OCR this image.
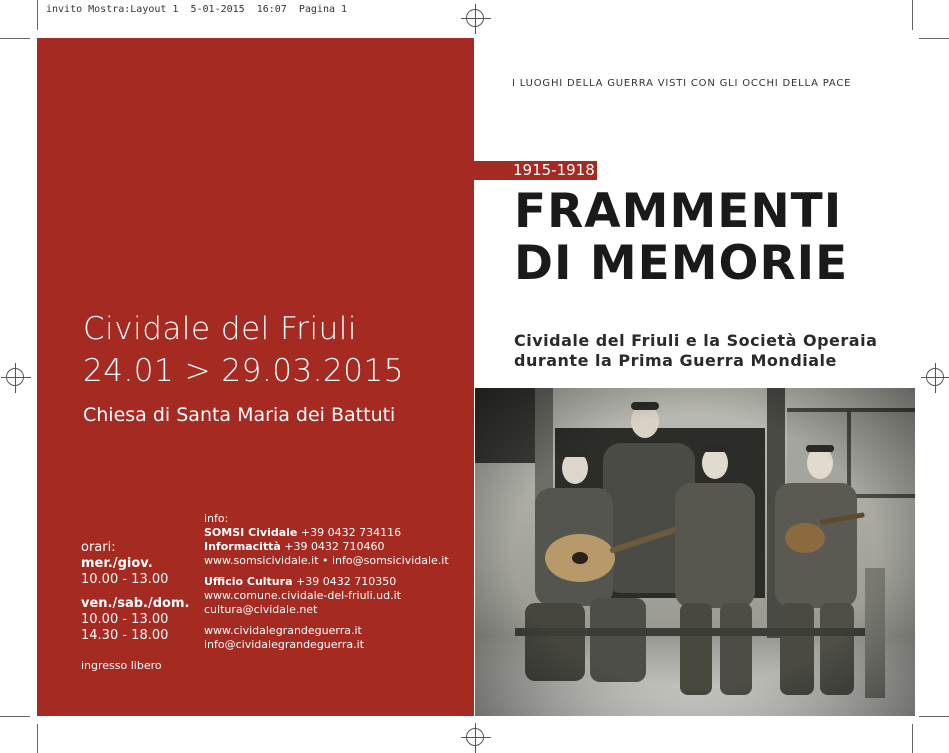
invito Mostra:Layout 1  5-01-2015  16:07  Pagina 1
Cividale del Friuli
24.01 > 29.03.2015
Chiesa di Santa Maria dei Battuti
orari:
mer./giov.
10.00 - 13.00
ven./sab./dom.
10.00 - 13.00
14.30 - 18.00
ingresso libero
info:
SOMSI Cividale +39 0432 734116
Informacittà +39 0432 710460
www.somsicividale.it • info@somsicividale.it
Ufficio Cultura +39 0432 710350
www.comune.cividale-del-friuli.ud.it
cultura@cividale.net
www.cividalegrandeguerra.it
info@cividalegrandeguerra.it
I LUOGHI DELLA GUERRA VISTI CON GLI OCCHI DELLA PACE
1915-1918
FRAMMENTI
DI MEMORIE
Cividale del Friuli e la Società Operaia
durante la Prima Guerra Mondiale
